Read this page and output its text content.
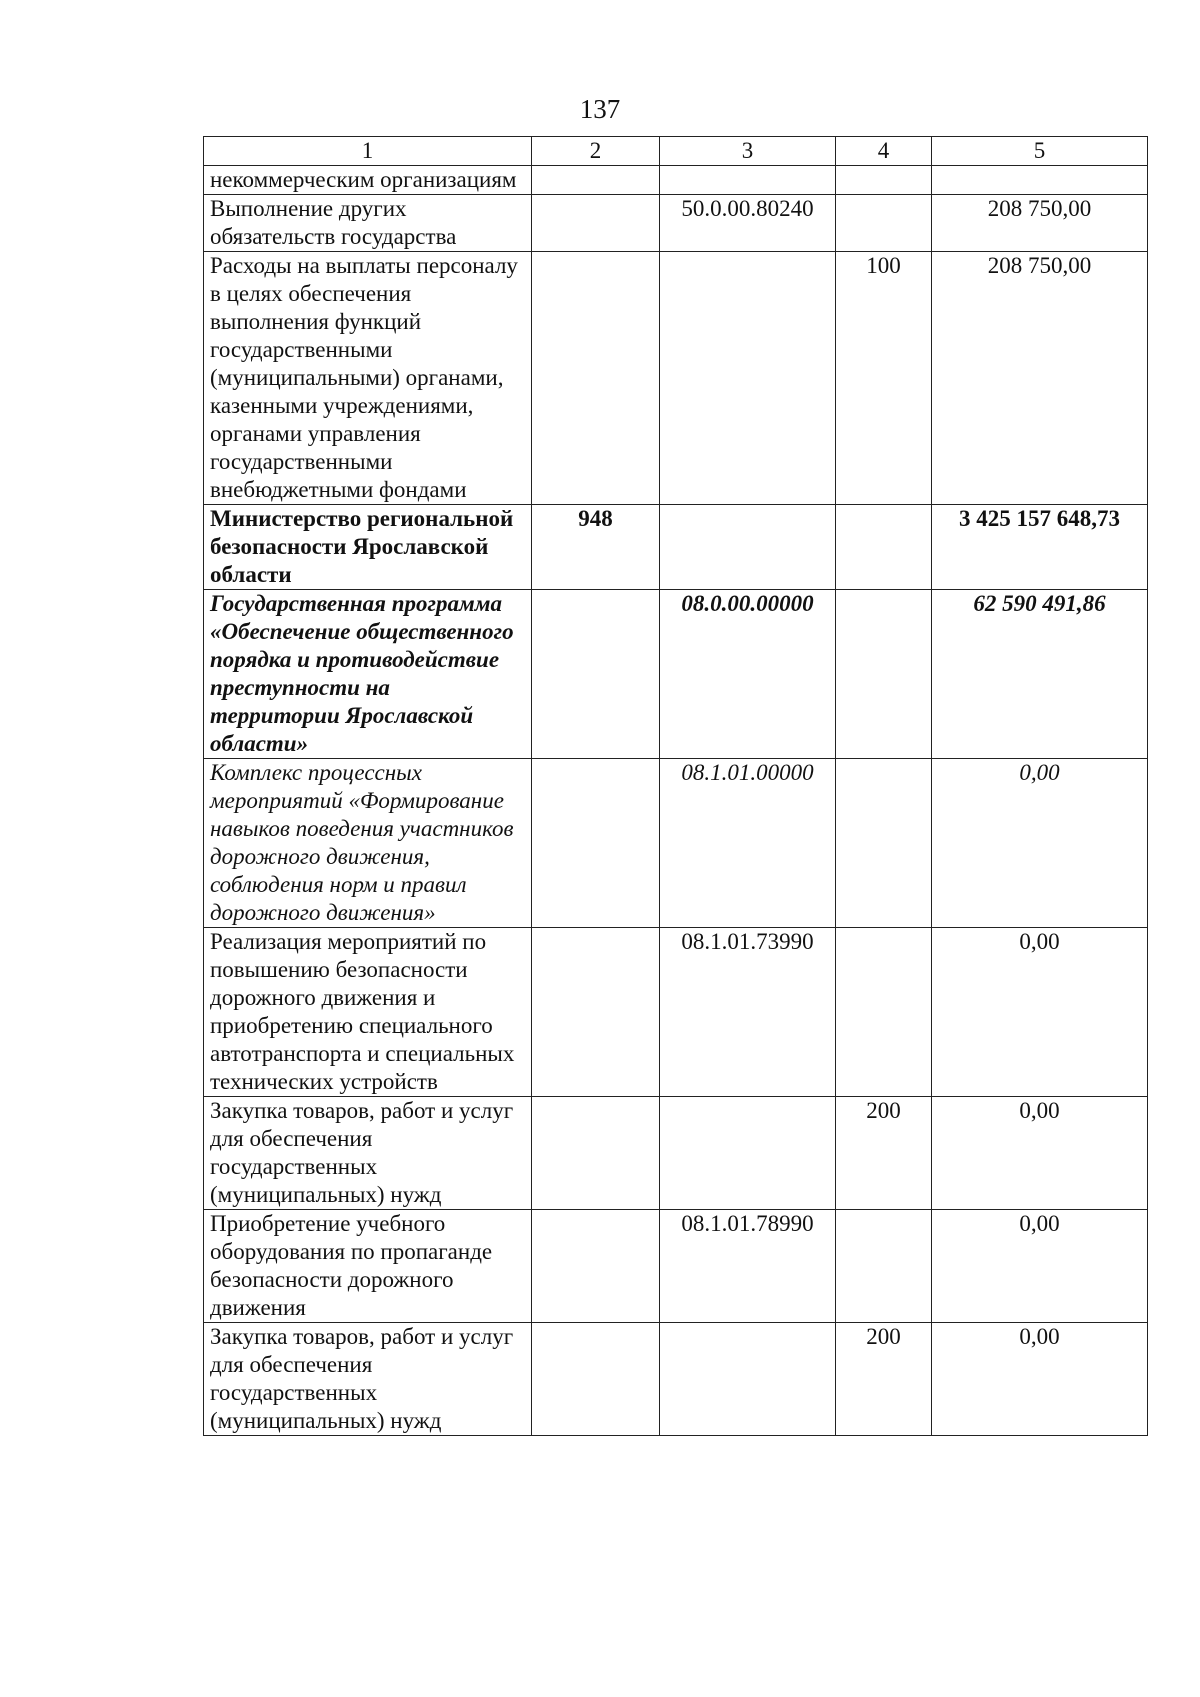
137
1	2	3	4	5
некоммерческим организациям				
Выполнение других обязательств государства		50.0.00.80240		208 750,00
Расходы на выплаты персоналу в целях обеспечения выполнения функций государственными (муниципальными) органами, казенными учреждениями, органами управления государственными внебюджетными фондами			100	208 750,00
Министерство региональной безопасности Ярославской области	948			3 425 157 648,73
Государственная программа «Обеспечение общественного порядка и противодействие преступности на территории Ярославской области»		08.0.00.00000		62 590 491,86
Комплекс процессных мероприятий «Формирование навыков поведения участников дорожного движения, соблюдения норм и правил дорожного движения»		08.1.01.00000		0,00
Реализация мероприятий по повышению безопасности дорожного движения и приобретению специального автотранспорта и специальных технических устройств		08.1.01.73990		0,00
Закупка товаров, работ и услуг для обеспечения государственных (муниципальных) нужд			200	0,00
Приобретение учебного оборудования по пропаганде безопасности дорожного движения		08.1.01.78990		0,00
Закупка товаров, работ и услуг для обеспечения государственных (муниципальных) нужд			200	0,00
